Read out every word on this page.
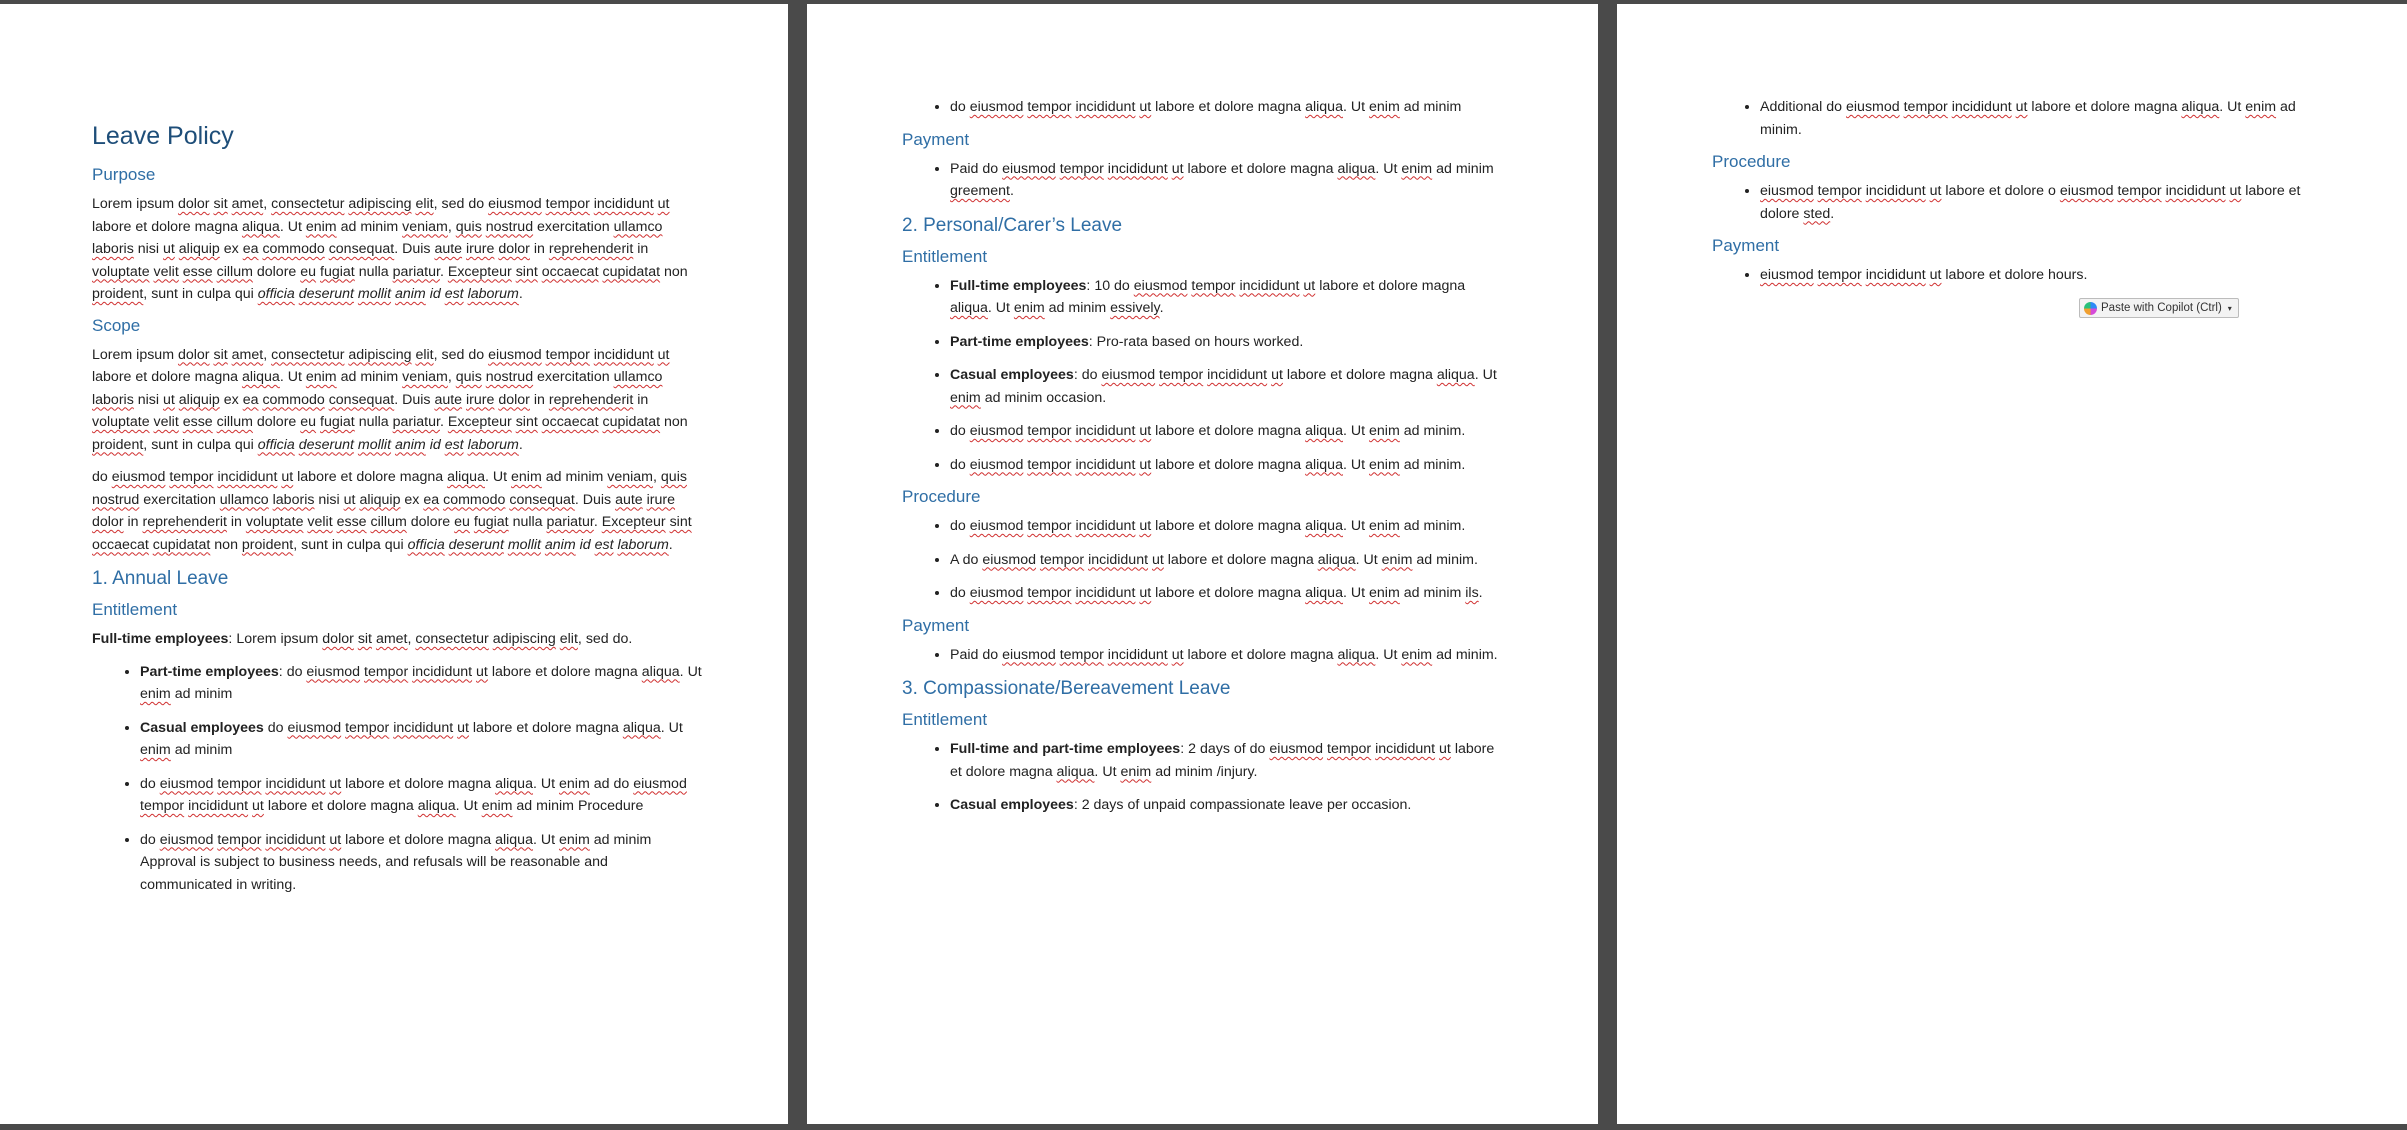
Leave Policy
Purpose

Lorem ipsum dolor sit amet, consectetur adipiscing elit, sed do eiusmod tempor incididunt ut labore et dolore magna aliqua. Ut enim ad minim veniam, quis nostrud exercitation ullamco laboris nisi ut aliquip ex ea commodo consequat. Duis aute irure dolor in reprehenderit in voluptate velit esse cillum dolore eu fugiat nulla pariatur. Excepteur sint occaecat cupidatat non proident, sunt in culpa qui officia deserunt mollit anim id est laborum.

Scope

Lorem ipsum dolor sit amet, consectetur adipiscing elit, sed do eiusmod tempor incididunt ut labore et dolore magna aliqua. Ut enim ad minim veniam, quis nostrud exercitation ullamco laboris nisi ut aliquip ex ea commodo consequat. Duis aute irure dolor in reprehenderit in voluptate velit esse cillum dolore eu fugiat nulla pariatur. Excepteur sint occaecat cupidatat non proident, sunt in culpa qui officia deserunt mollit anim id est laborum.

do eiusmod tempor incididunt ut labore et dolore magna aliqua. Ut enim ad minim veniam, quis nostrud exercitation ullamco laboris nisi ut aliquip ex ea commodo consequat. Duis aute irure dolor in reprehenderit in voluptate velit esse cillum dolore eu fugiat nulla pariatur. Excepteur sint occaecat cupidatat non proident, sunt in culpa qui officia deserunt mollit anim id est laborum.

1. Annual Leave
Entitlement

Full-time employees: Lorem ipsum dolor sit amet, consectetur adipiscing elit, sed do.

• Part-time employees: do eiusmod tempor incididunt ut labore et dolore magna aliqua. Ut enim ad minim
• Casual employees do eiusmod tempor incididunt ut labore et dolore magna aliqua. Ut enim ad minim
• do eiusmod tempor incididunt ut labore et dolore magna aliqua. Ut enim ad do eiusmod tempor incididunt ut labore et dolore magna aliqua. Ut enim ad minim Procedure
• do eiusmod tempor incididunt ut labore et dolore magna aliqua. Ut enim ad minim Approval is subject to business needs, and refusals will be reasonable and communicated in writing.
• do eiusmod tempor incididunt ut labore et dolore magna aliqua. Ut enim ad minim
Payment
• Paid do eiusmod tempor incididunt ut labore et dolore magna aliqua. Ut enim ad minim greement.
2. Personal/Carer’s Leave
Entitlement
• Full-time employees: 10 do eiusmod tempor incididunt ut labore et dolore magna aliqua. Ut enim ad minim essively.
• Part-time employees: Pro-rata based on hours worked.
• Casual employees: do eiusmod tempor incididunt ut labore et dolore magna aliqua. Ut enim ad minim occasion.
• do eiusmod tempor incididunt ut labore et dolore magna aliqua. Ut enim ad minim.
• do eiusmod tempor incididunt ut labore et dolore magna aliqua. Ut enim ad minim.
Procedure
• do eiusmod tempor incididunt ut labore et dolore magna aliqua. Ut enim ad minim.
• A do eiusmod tempor incididunt ut labore et dolore magna aliqua. Ut enim ad minim.
• do eiusmod tempor incididunt ut labore et dolore magna aliqua. Ut enim ad minim ils.
Payment
• Paid do eiusmod tempor incididunt ut labore et dolore magna aliqua. Ut enim ad minim.
3. Compassionate/Bereavement Leave
Entitlement
• Full-time and part-time employees: 2 days of do eiusmod tempor incididunt ut labore et dolore magna aliqua. Ut enim ad minim /injury.
• Casual employees: 2 days of unpaid compassionate leave per occasion.
• Additional do eiusmod tempor incididunt ut labore et dolore magna aliqua. Ut enim ad minim.
Procedure
• eiusmod tempor incididunt ut labore et dolore o eiusmod tempor incididunt ut labore et dolore sted.
Payment
• eiusmod tempor incididunt ut labore et dolore hours.
Paste with Copilot (Ctrl) ▾
